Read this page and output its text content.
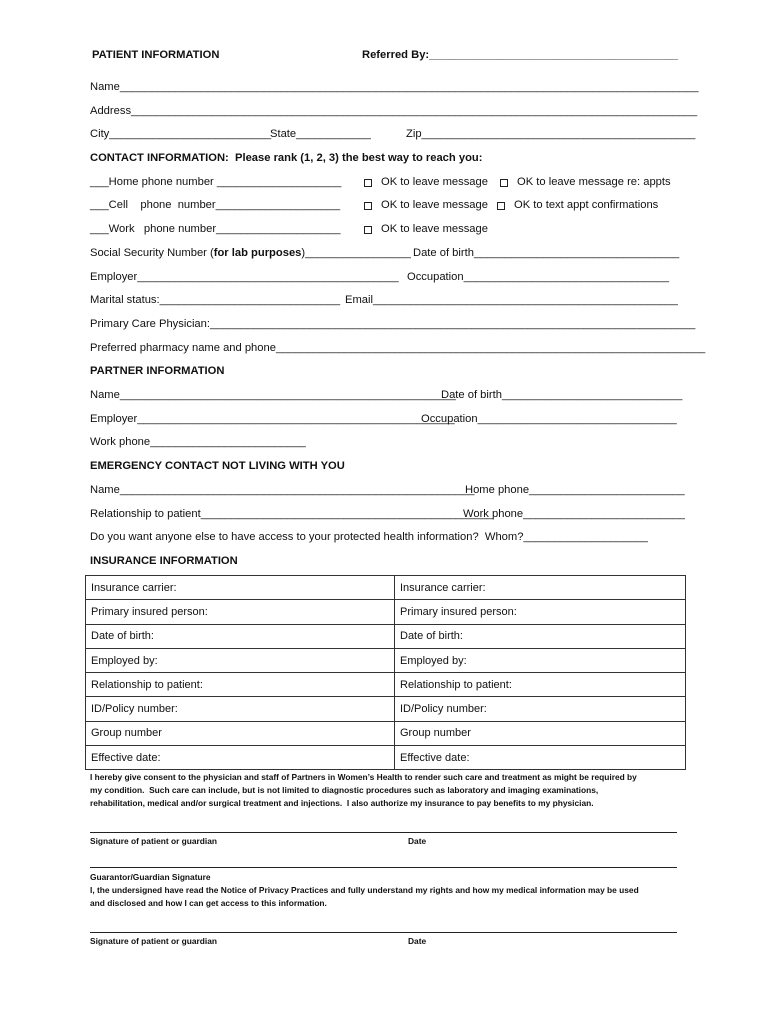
PATIENT INFORMATION	Referred By:________________________________________
Name_____________________________________________________________________________________________
Address___________________________________________________________________________________________
City__________________________
State____________	Zip____________________________________________
CONTACT INFORMATION:  Please rank (1, 2, 3) the best way to reach you:
___Home phone number ____________________	OK to leave message	OK to leave message re: appts
___Cell    phone  number____________________	OK to leave message OK to text appt confirmations
___Work   phone number____________________	OK to leave message
Social Security Number (for lab purposes)_________________ Date of birth_________________________________
Employer__________________________________________ Occupation_________________________________
Marital status:_____________________________ Email_________________________________________________
Primary Care Physician:______________________________________________________________________________
Preferred pharmacy name and phone_____________________________________________________________________
PARTNER INFORMATION
Name______________________________________________________
Date of birth_____________________________
Employer___________________________________________________
Occupation________________________________
Work phone_________________________
EMERGENCY CONTACT NOT LIVING WITH YOU
Name_________________________________________________________
Home phone_________________________
Relationship to patient_______________________________________________
Work phone__________________________
Do you want anyone else to have access to your protected health information?  Whom?____________________
INSURANCE INFORMATION
Insurance carrier:	Insurance carrier:
Primary insured person:	Primary insured person:
Date of birth:	Date of birth:
Employed by:	Employed by:
Relationship to patient:	Relationship to patient:
ID/Policy number:	ID/Policy number:
Group number	Group number
Effective date:	Effective date:
I hereby give consent to the physician and staff of Partners in Women’s Health to render such care and treatment as might be required by
my condition.  Such care can include, but is not limited to diagnostic procedures such as laboratory and imaging examinations,
rehabilitation, medical and/or surgical treatment and injections.  I also authorize my insurance to pay benefits to my physician.
Signature of patient or guardian	Date
Guarantor/Guardian Signature
I, the undersigned have read the Notice of Privacy Practices and fully understand my rights and how my medical information may be used
and disclosed and how I can get access to this information.
Signature of patient or guardian	Date
